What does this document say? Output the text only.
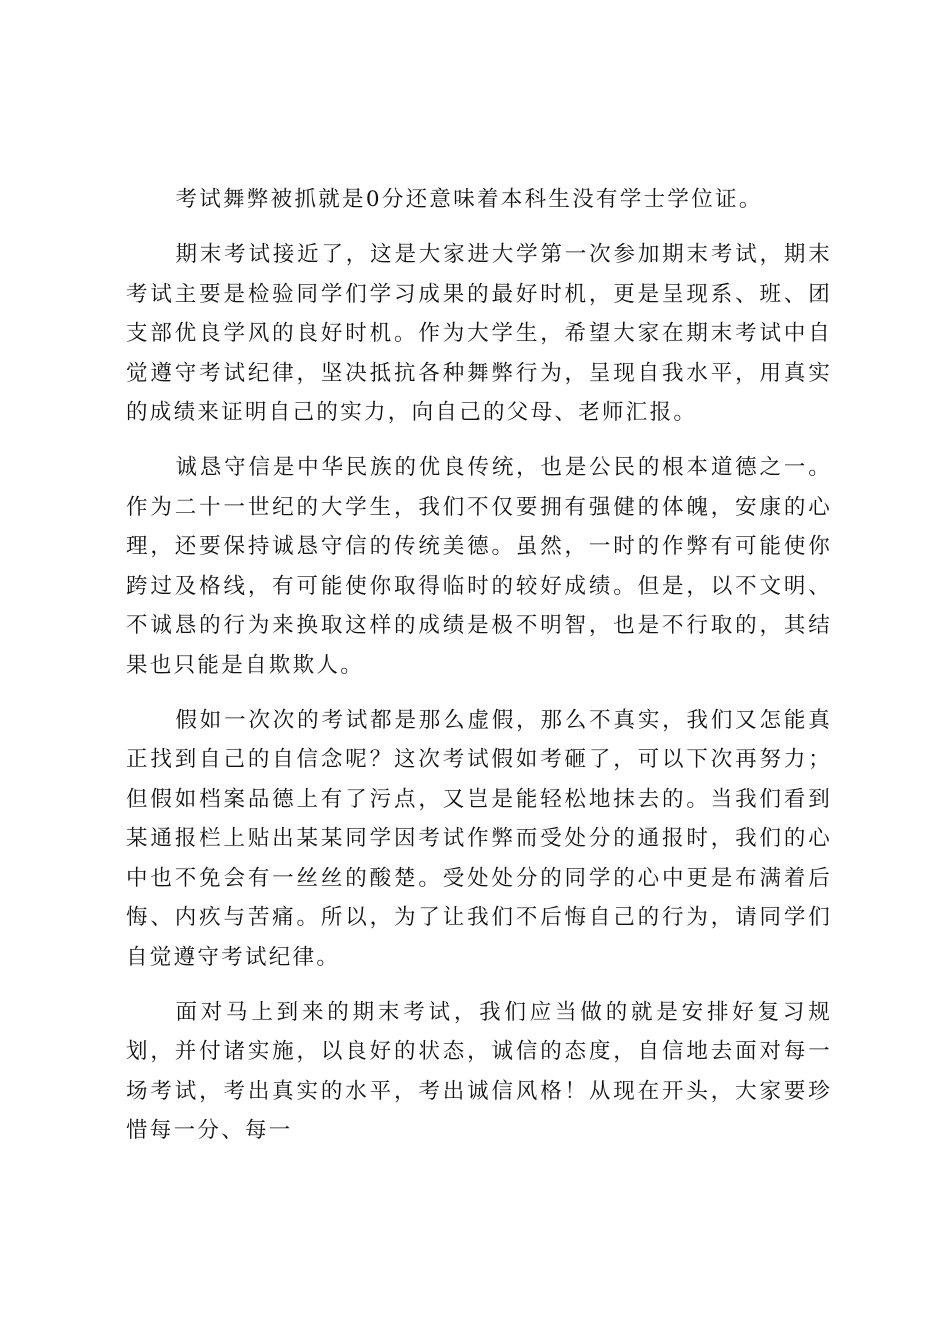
考试舞弊被抓就是0分还意味着本科生没有学士学位证。

期末考试接近了，这是大家进大学第一次参加期末考试，期末考试主要是检验同学们学习成果的最好时机，更是呈现系、班、团支部优良学风的良好时机。作为大学生，希望大家在期末考试中自觉遵守考试纪律，坚决抵抗各种舞弊行为，呈现自我水平，用真实的成绩来证明自己的实力，向自己的父母、老师汇报。

诚恳守信是中华民族的优良传统，也是公民的根本道德之一。作为二十一世纪的大学生，我们不仅要拥有强健的体魄，安康的心理，还要保持诚恳守信的传统美德。虽然，一时的作弊有可能使你跨过及格线，有可能使你取得临时的较好成绩。但是，以不文明、不诚恳的行为来换取这样的成绩是极不明智，也是不行取的，其结果也只能是自欺欺人。

假如一次次的考试都是那么虚假，那么不真实，我们又怎能真正找到自己的自信念呢？这次考试假如考砸了，可以下次再努力；但假如档案品德上有了污点，又岂是能轻松地抹去的。当我们看到某通报栏上贴出某某同学因考试作弊而受处分的通报时，我们的心中也不免会有一丝丝的酸楚。受处处分的同学的心中更是布满着后悔、内疚与苦痛。所以，为了让我们不后悔自己的行为，请同学们自觉遵守考试纪律。

面对马上到来的期末考试，我们应当做的就是安排好复习规划，并付诸实施，以良好的状态，诚信的态度，自信地去面对每一场考试，考出真实的水平，考出诚信风格！从现在开头，大家要珍惜每一分、每一
